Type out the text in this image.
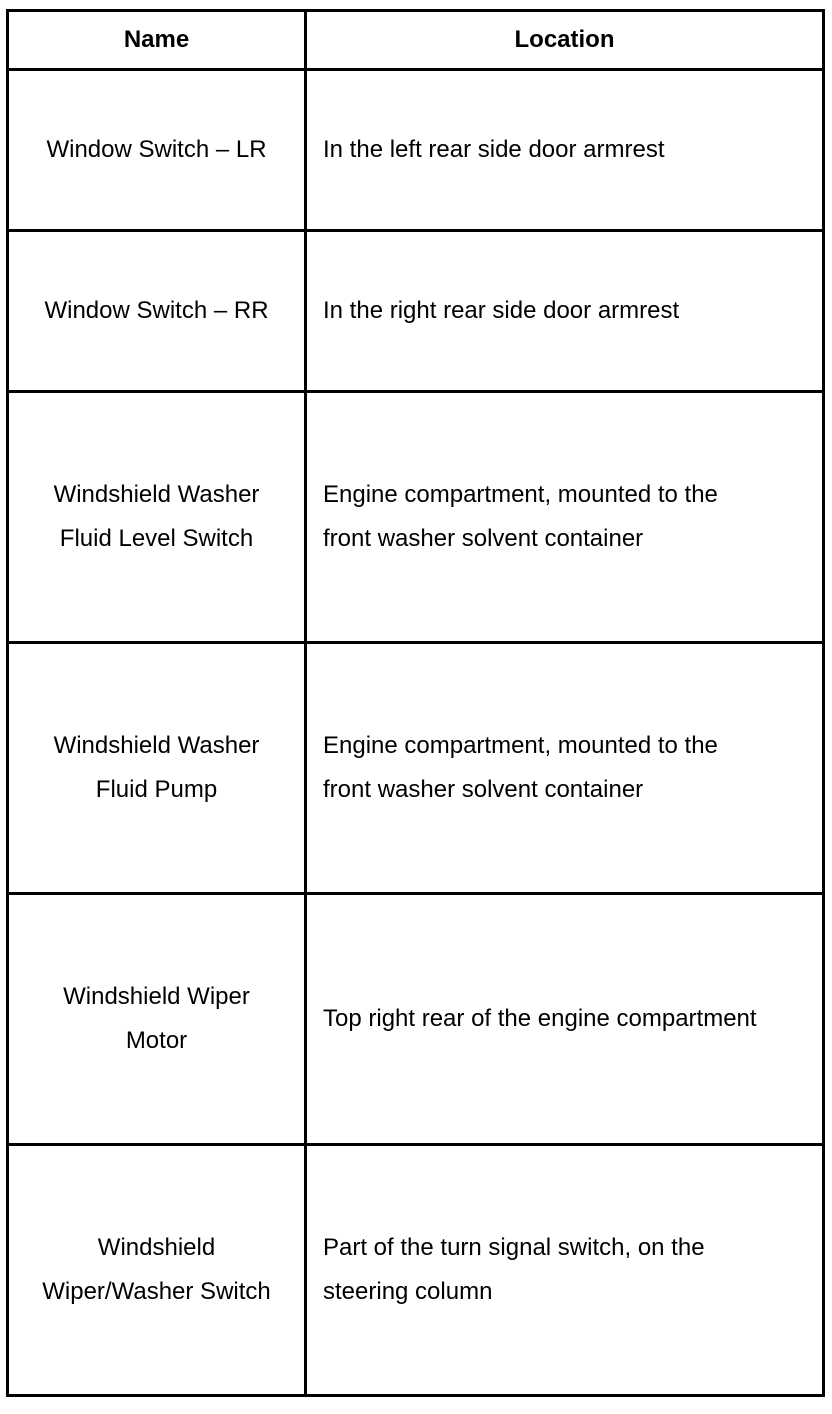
Name	Location

Window Switch – LR	In the left rear side door armrest

Window Switch – RR	In the right rear side door armrest

Windshield Washer Fluid Level Switch	Engine compartment, mounted to the front washer solvent container

Windshield Washer Fluid Pump	Engine compartment, mounted to the front washer solvent container

Windshield Wiper Motor	Top right rear of the engine compartment

Windshield Wiper/Washer Switch	Part of the turn signal switch, on the steering column
